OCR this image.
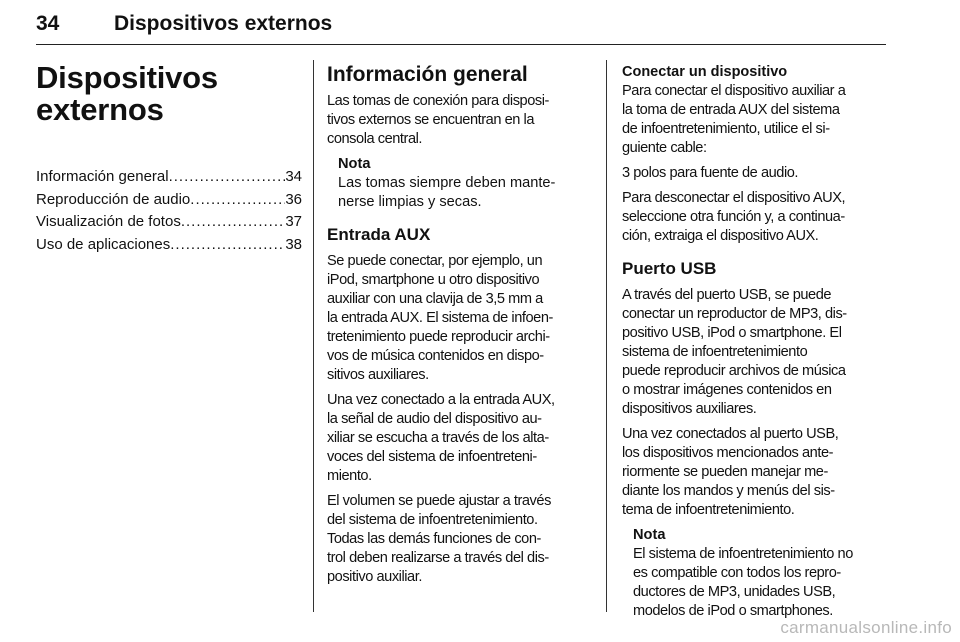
34	Dispositivos externos
Dispositivos
externos
Información general .....	34
Reproducción de audio .....	36
Visualización de fotos .....	37
Uso de aplicaciones .....	38
Información general
Las tomas de conexión para disposi-
tivos externos se encuentran en la
consola central.
Nota
Las tomas siempre deben mante-
nerse limpias y secas.
Entrada AUX
Se puede conectar, por ejemplo, un
iPod, smartphone u otro dispositivo
auxiliar con una clavija de 3,5 mm a
la entrada AUX. El sistema de infoen-
tretenimiento puede reproducir archi-
vos de música contenidos en dispo-
sitivos auxiliares.
Una vez conectado a la entrada AUX,
la señal de audio del dispositivo au-
xiliar se escucha a través de los alta-
voces del sistema de infoentreteni-
miento.
El volumen se puede ajustar a través
del sistema de infoentretenimiento.
Todas las demás funciones de con-
trol deben realizarse a través del dis-
positivo auxiliar.
Conectar un dispositivo
Para conectar el dispositivo auxiliar a
la toma de entrada AUX del sistema
de infoentretenimiento, utilice el si-
guiente cable:
3 polos para fuente de audio.
Para desconectar el dispositivo AUX,
seleccione otra función y, a continua-
ción, extraiga el dispositivo AUX.
Puerto USB
A través del puerto USB, se puede
conectar un reproductor de MP3, dis-
positivo USB, iPod o smartphone. El
sistema de infoentretenimiento
puede reproducir archivos de música
o mostrar imágenes contenidos en
dispositivos auxiliares.
Una vez conectados al puerto USB,
los dispositivos mencionados ante-
riormente se pueden manejar me-
diante los mandos y menús del sis-
tema de infoentretenimiento.
Nota
El sistema de infoentretenimiento no
es compatible con todos los repro-
ductores de MP3, unidades USB,
modelos de iPod o smartphones.
carmanualsonline.info
